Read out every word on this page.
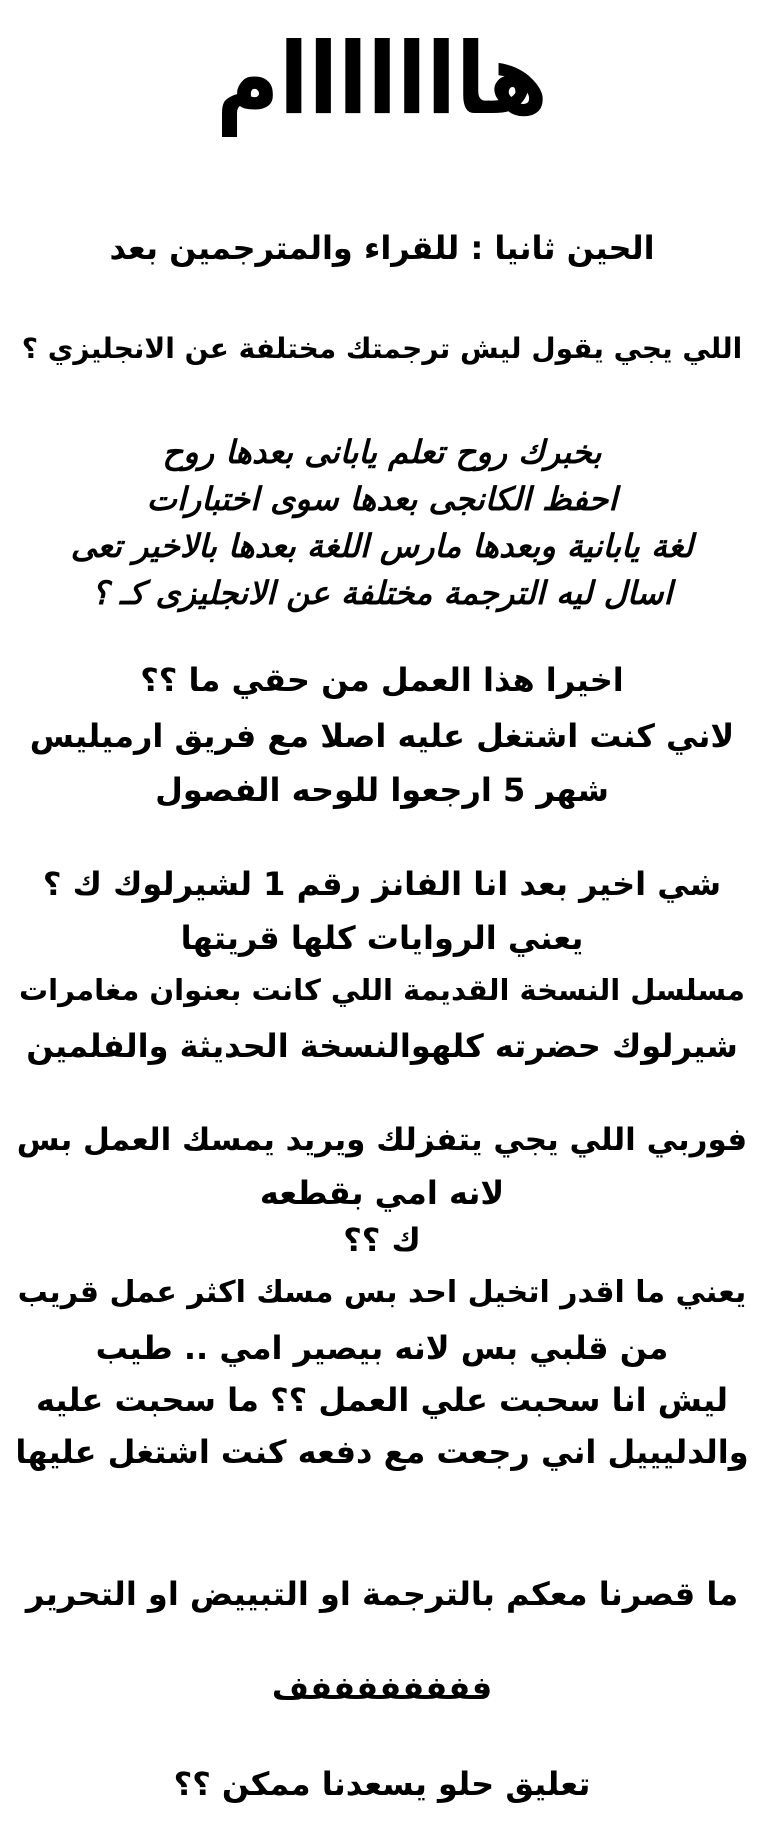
هااااااام
الحين ثانيا : للقراء والمترجمين بعد
اللي يجي يقول ليش ترجمتك مختلفة عن الانجليزي ؟
بخبرك روح تعلم يابانى بعدها روح
احفظ الكانجى بعدها سوى اختبارات
لغة يابانية وبعدها مارس اللغة بعدها بالاخير تعى
اسال ليه الترجمة مختلفة عن الانجليزى كـ ؟
اخيرا هذا العمل من حقي ما ؟؟
لاني كنت اشتغل عليه اصلا مع فريق ارميليس
شهر 5 ارجعوا للوحه الفصول
شي اخير بعد انا الفانز رقم 1 لشيرلوك ك ؟
يعني الروايات كلها قريتها
مسلسل النسخة القديمة اللي كانت بعنوان مغامرات
شيرلوك حضرته كلهوالنسخة الحديثة والفلمين
فوربي اللي يجي يتفزلك ويريد يمسك العمل بس
لانه امي بقطعه
ك ؟؟
يعني ما اقدر اتخيل احد بس مسك اكثر عمل قريب
من قلبي بس لانه بيصير امي .. طيب
ليش انا سحبت علي العمل ؟؟ ما سحبت عليه
والدليييل اني رجعت مع دفعه كنت اشتغل عليها
ما قصرنا معكم بالترجمة او التبييض او التحرير
ففففففففف
تعليق حلو يسعدنا ممكن ؟؟
